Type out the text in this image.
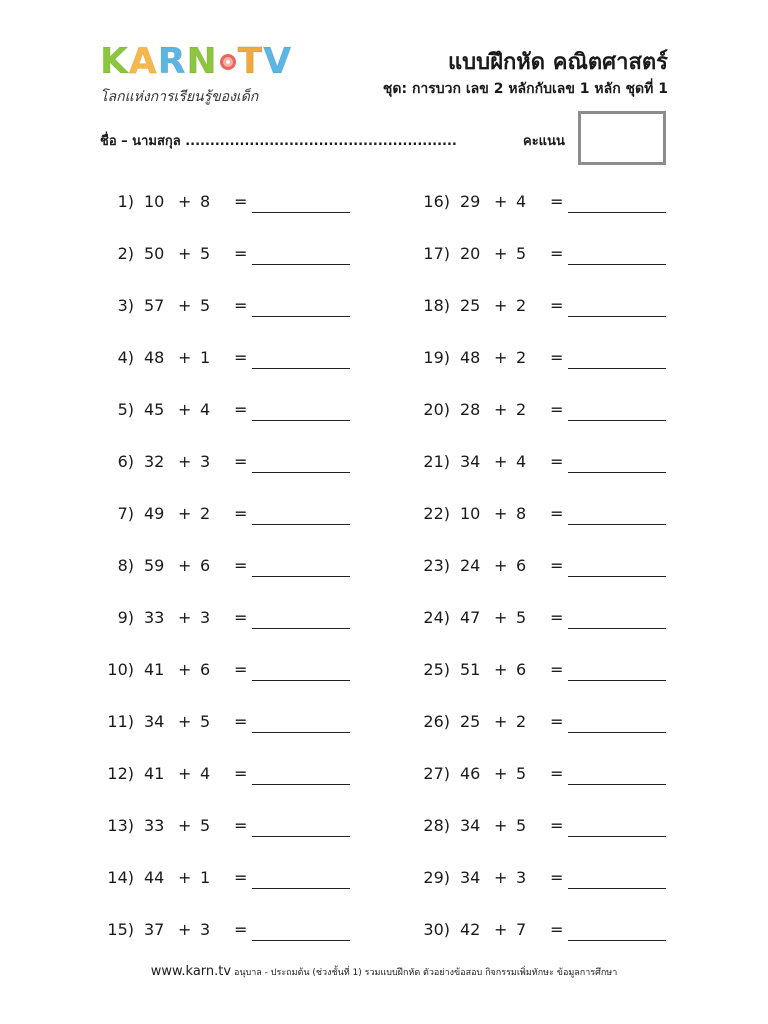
K A R N T V
โลกแห่งการเรียนรู้ของเด็ก
แบบฝึกหัด คณิตศาสตร์
ชุด: การบวก เลข 2 หลักกับเลข 1 หลัก ชุดที่ 1
ชื่อ – นามสกุล .......................................................	คะแนน
1) 10 + 8	=
2) 50 + 5	=
3) 57 + 5	=
4) 48 + 1	=
5) 45 + 4	=
6) 32 + 3	=
7) 49 + 2	=
8) 59 + 6	=
9) 33 + 3	=
10) 41 + 6	=
11) 34 + 5	=
12) 41 + 4	=
13) 33 + 5	=
14) 44 + 1	=
15) 37 + 3	=
16) 29 + 4	=
17) 20 + 5	=
18) 25 + 2	=
19) 48 + 2	=
20) 28 + 2	=
21) 34 + 4	=
22) 10 + 8	=
23) 24 + 6	=
24) 47 + 5	=
25) 51 + 6	=
26) 25 + 2	=
27) 46 + 5	=
28) 34 + 5	=
29) 34 + 3	=
30) 42 + 7	=
www.karn.tv อนุบาล - ประถมต้น (ช่วงชั้นที่ 1) รวมแบบฝึกหัด ตัวอย่างข้อสอบ กิจกรรมเพิ่มทักษะ ข้อมูลการศึกษา
